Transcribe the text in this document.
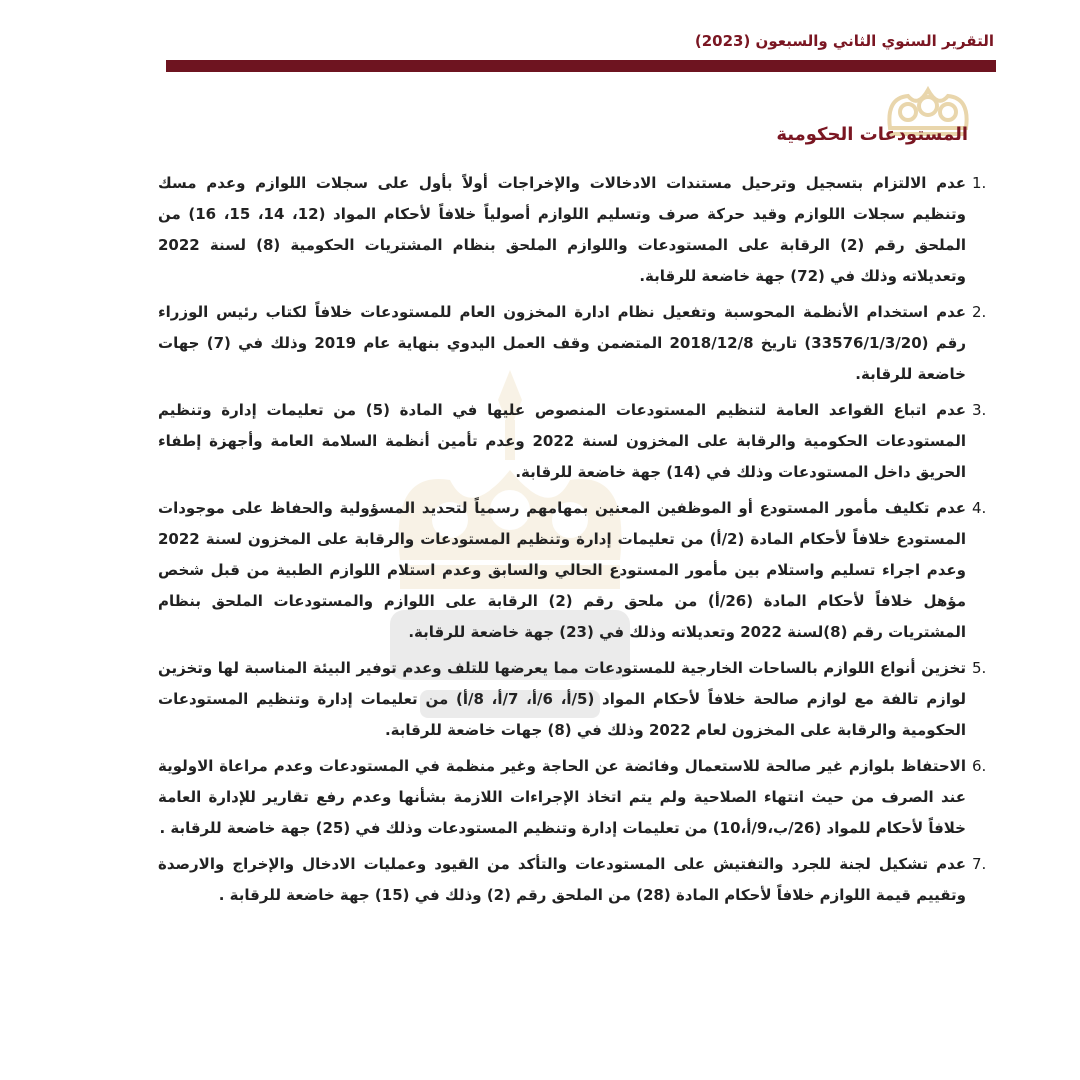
التقرير السنوي الثاني والسبعون (2023)
المستودعات الحكومية
1.
عدم الالتزام بتسجيل وترحيل مستندات الادخالات والإخراجات أولاً بأول على سجلات اللوازم وعدم مسك وتنظيم سجلات اللوازم وقيد حركة صرف وتسليم اللوازم أصولياً خلافاً لأحكام المواد (12، 14، 15، 16) من الملحق رقم (2) الرقابة على المستودعات واللوازم الملحق بنظام المشتريات الحكومية (8) لسنة 2022 وتعديلاته وذلك في (72) جهة خاضعة للرقابة.
2.
عدم استخدام الأنظمة المحوسبة وتفعيل نظام ادارة المخزون العام للمستودعات خلافاً لكتاب رئيس الوزراء رقم (33576/1/3/20) تاريخ 2018/12/8 المتضمن وقف العمل اليدوي بنهاية عام 2019 وذلك في (7) جهات خاضعة للرقابة.
3.
عدم اتباع القواعد العامة لتنظيم المستودعات المنصوص عليها في المادة (5) من تعليمات إدارة وتنظيم المستودعات الحكومية والرقابة على المخزون لسنة 2022 وعدم تأمين أنظمة السلامة العامة وأجهزة إطفاء الحريق داخل المستودعات وذلك في (14) جهة خاضعة للرقابة.
4.
عدم تكليف مأمور المستودع أو الموظفين المعنين بمهامهم رسمياً لتحديد المسؤولية والحفاظ على موجودات المستودع خلافاً لأحكام المادة (2/أ) من تعليمات إدارة وتنظيم المستودعات والرقابة على المخزون لسنة 2022 وعدم اجراء تسليم واستلام بين مأمور المستودع الحالي والسابق وعدم استلام اللوازم الطبية من قبل شخص مؤهل خلافاً لأحكام المادة (26/أ) من ملحق رقم (2) الرقابة على اللوازم والمستودعات الملحق بنظام المشتريات رقم (8)لسنة 2022 وتعديلاته وذلك في (23) جهة خاضعة للرقابة.
5.
تخزين أنواع اللوازم بالساحات الخارجية للمستودعات مما يعرضها للتلف وعدم توفير البيئة المناسبة لها وتخزين لوازم تالفة مع لوازم صالحة خلافاً لأحكام المواد (5/أ، 6/أ، 7/أ، 8/أ) من تعليمات إدارة وتنظيم المستودعات الحكومية والرقابة على المخزون لعام 2022 وذلك في (8) جهات خاضعة للرقابة.
6.
الاحتفاظ بلوازم غير صالحة للاستعمال وفائضة عن الحاجة وغير منظمة في المستودعات وعدم مراعاة الاولوية عند الصرف من حيث انتهاء الصلاحية ولم يتم اتخاذ الإجراءات اللازمة بشأنها وعدم رفع تقارير للإدارة العامة خلافاً لأحكام للمواد (26/ب،9/أ،10) من تعليمات إدارة وتنظيم المستودعات وذلك في (25) جهة خاضعة للرقابة .
7.
عدم تشكيل لجنة للجرد والتفتيش على المستودعات والتأكد من القيود وعمليات الادخال والإخراج والارصدة وتقييم قيمة اللوازم خلافاً لأحكام المادة (28) من الملحق رقم (2) وذلك في (15) جهة خاضعة للرقابة .
